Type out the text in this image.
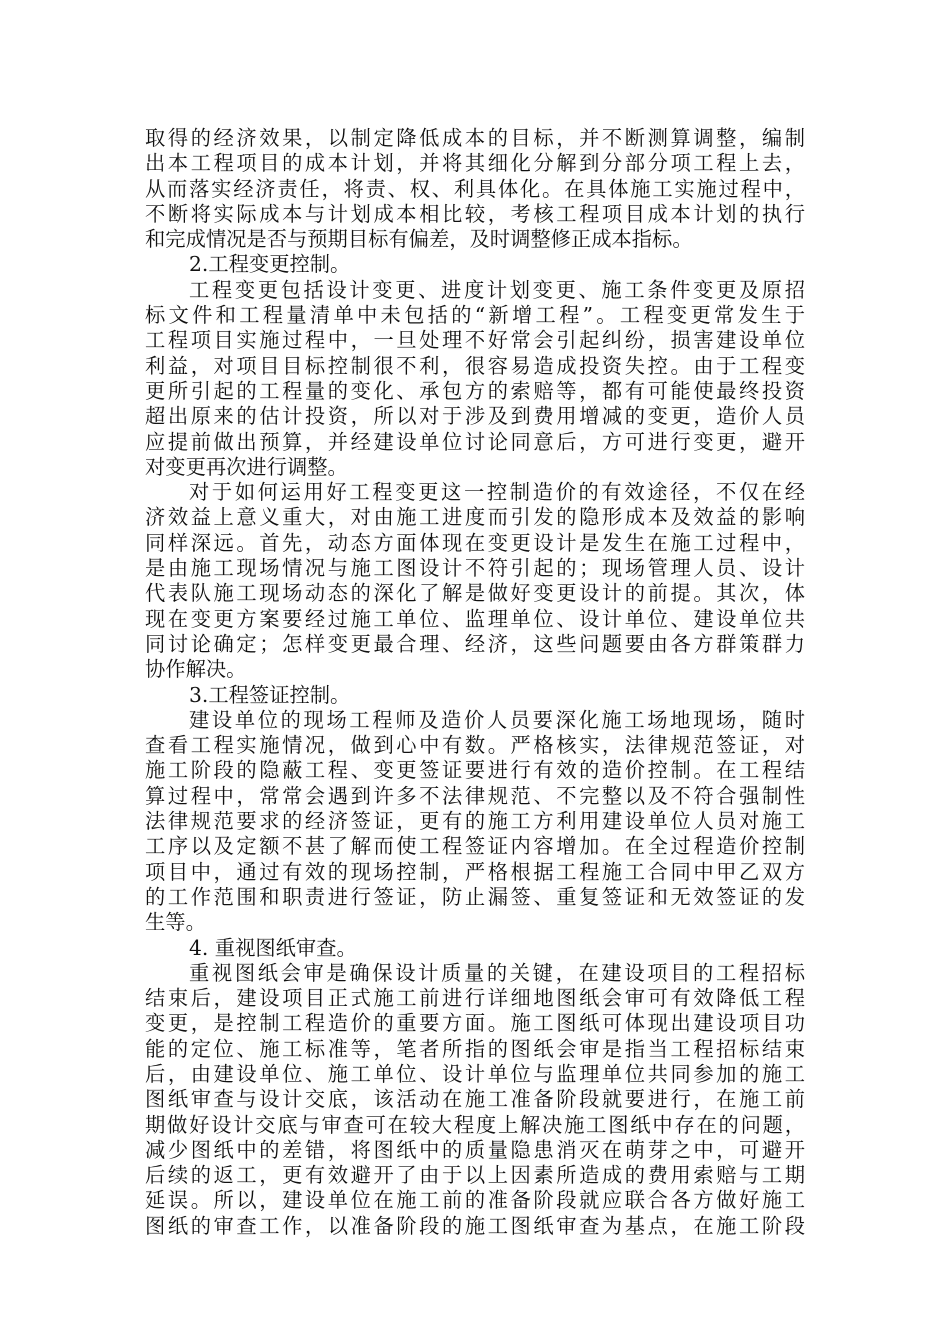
取得的经济效果，以制定降低成本的目标，并不断测算调整，编制
出本工程项目的成本计划，并将其细化分解到分部分项工程上去，
从而落实经济责任，将责、权、利具体化。在具体施工实施过程中，
不断将实际成本与计划成本相比较，考核工程项目成本计划的执行
和完成情况是否与预期目标有偏差，及时调整修正成本指标。
2.工程变更控制。
工程变更包括设计变更、进度计划变更、施工条件变更及原招
标文件和工程量清单中未包括的“新增工程”。工程变更常发生于
工程项目实施过程中，一旦处理不好常会引起纠纷，损害建设单位
利益，对项目目标控制很不利，很容易造成投资失控。由于工程变
更所引起的工程量的变化、承包方的索赔等，都有可能使最终投资
超出原来的估计投资，所以对于涉及到费用增减的变更，造价人员
应提前做出预算，并经建设单位讨论同意后，方可进行变更，避开
对变更再次进行调整。
对于如何运用好工程变更这一控制造价的有效途径，不仅在经
济效益上意义重大，对由施工进度而引发的隐形成本及效益的影响
同样深远。首先，动态方面体现在变更设计是发生在施工过程中，
是由施工现场情况与施工图设计不符引起的；现场管理人员、设计
代表队施工现场动态的深化了解是做好变更设计的前提。其次，体
现在变更方案要经过施工单位、监理单位、设计单位、建设单位共
同讨论确定；怎样变更最合理、经济，这些问题要由各方群策群力
协作解决。
3.工程签证控制。
建设单位的现场工程师及造价人员要深化施工场地现场，随时
查看工程实施情况，做到心中有数。严格核实，法律规范签证，对
施工阶段的隐蔽工程、变更签证要进行有效的造价控制。在工程结
算过程中，常常会遇到许多不法律规范、不完整以及不符合强制性
法律规范要求的经济签证，更有的施工方利用建设单位人员对施工
工序以及定额不甚了解而使工程签证内容增加。在全过程造价控制
项目中，通过有效的现场控制，严格根据工程施工合同中甲乙双方
的工作范围和职责进行签证，防止漏签、重复签证和无效签证的发
生等。
4. 重视图纸审查。
重视图纸会审是确保设计质量的关键，在建设项目的工程招标
结束后，建设项目正式施工前进行详细地图纸会审可有效降低工程
变更，是控制工程造价的重要方面。施工图纸可体现出建设项目功
能的定位、施工标准等，笔者所指的图纸会审是指当工程招标结束
后，由建设单位、施工单位、设计单位与监理单位共同参加的施工
图纸审查与设计交底，该活动在施工准备阶段就要进行，在施工前
期做好设计交底与审查可在较大程度上解决施工图纸中存在的问题，
减少图纸中的差错，将图纸中的质量隐患消灭在萌芽之中，可避开
后续的返工，更有效避开了由于以上因素所造成的费用索赔与工期
延误。所以，建设单位在施工前的准备阶段就应联合各方做好施工
图纸的审查工作，以准备阶段的施工图纸审查为基点，在施工阶段
